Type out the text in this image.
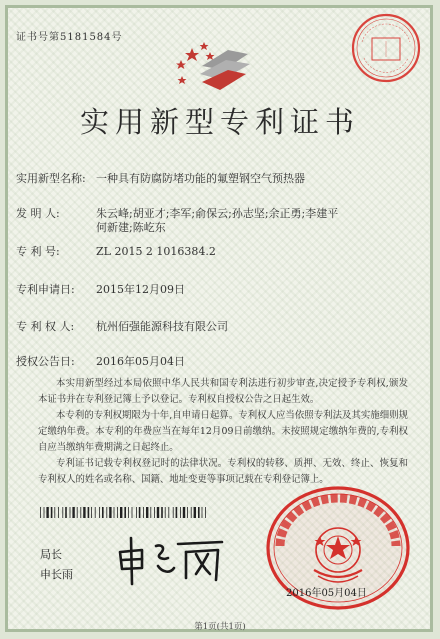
证书号第5181584号
实用新型专利证书
实用新型名称: 一种具有防腐防堵功能的氟塑钢空气预热器
发 明 人:	朱云峰;胡亚才;李军;俞保云;孙志坚;余正勇;李建平
何新建;陈屹东
专 利 号:	ZL 2015 2 1016384.2
专利申请日: 2015年12月09日
专 利 权 人: 杭州佰强能源科技有限公司
授权公告日: 2016年05月04日
本实用新型经过本局依照中华人民共和国专利法进行初步审查,决定授予专利权,颁发本证书并在专利登记簿上予以登记。专利权自授权公告之日起生效。
本专利的专利权期限为十年,自申请日起算。专利权人应当依照专利法及其实施细则规定缴纳年费。本专利的年费应当在每年12月09日前缴纳。未按照规定缴纳年费的,专利权自应当缴纳年费期满之日起终止。
专利证书记载专利权登记时的法律状况。专利权的转移、质押、无效、终止、恢复和专利权人的姓名或名称、国籍、地址变更等事项记载在专利登记簿上。
局长
申长雨
2016年05月04日
第1页(共1页)
